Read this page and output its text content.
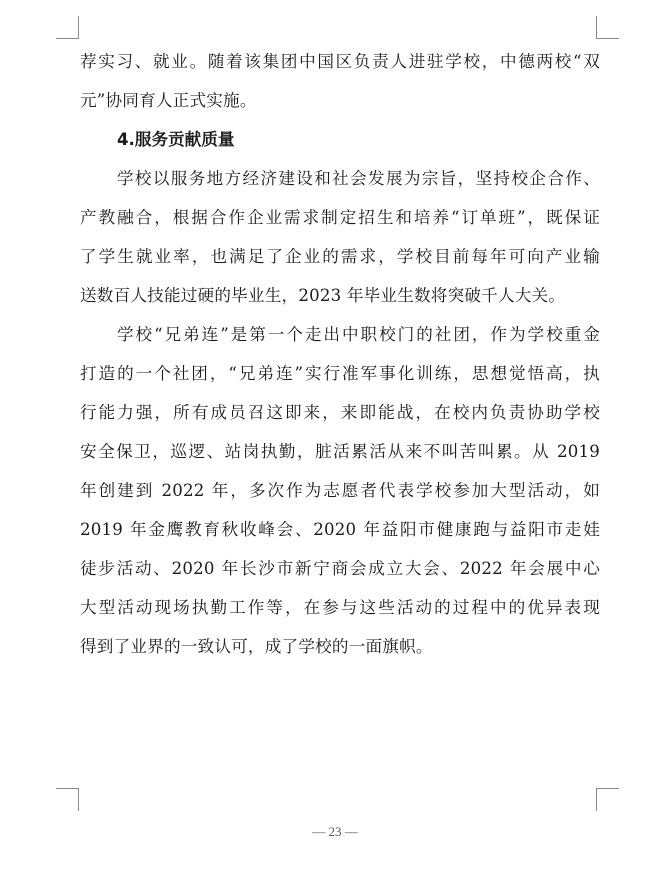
荐实习、就业。随着该集团中国区负责人进驻学校，中德两校“双
元”协同育人正式实施。
4.服务贡献质量
学校以服务地方经济建设和社会发展为宗旨，坚持校企合作、
产教融合，根据合作企业需求制定招生和培养“订单班”，既保证
了学生就业率，也满足了企业的需求，学校目前每年可向产业输
送数百人技能过硬的毕业生，2023 年毕业生数将突破千人大关。
学校“兄弟连”是第一个走出中职校门的社团，作为学校重金
打造的一个社团，“兄弟连”实行准军事化训练，思想觉悟高，执
行能力强，所有成员召这即来，来即能战，在校内负责协助学校
安全保卫，巡逻、站岗执勤，脏活累活从来不叫苦叫累。从 2019
年创建到 2022 年，多次作为志愿者代表学校参加大型活动，如
2019 年金鹰教育秋收峰会、2020 年益阳市健康跑与益阳市走娃
徒步活动、2020 年长沙市新宁商会成立大会、2022 年会展中心
大型活动现场执勤工作等，在参与这些活动的过程中的优异表现
得到了业界的一致认可，成了学校的一面旗帜。
— 23 —
